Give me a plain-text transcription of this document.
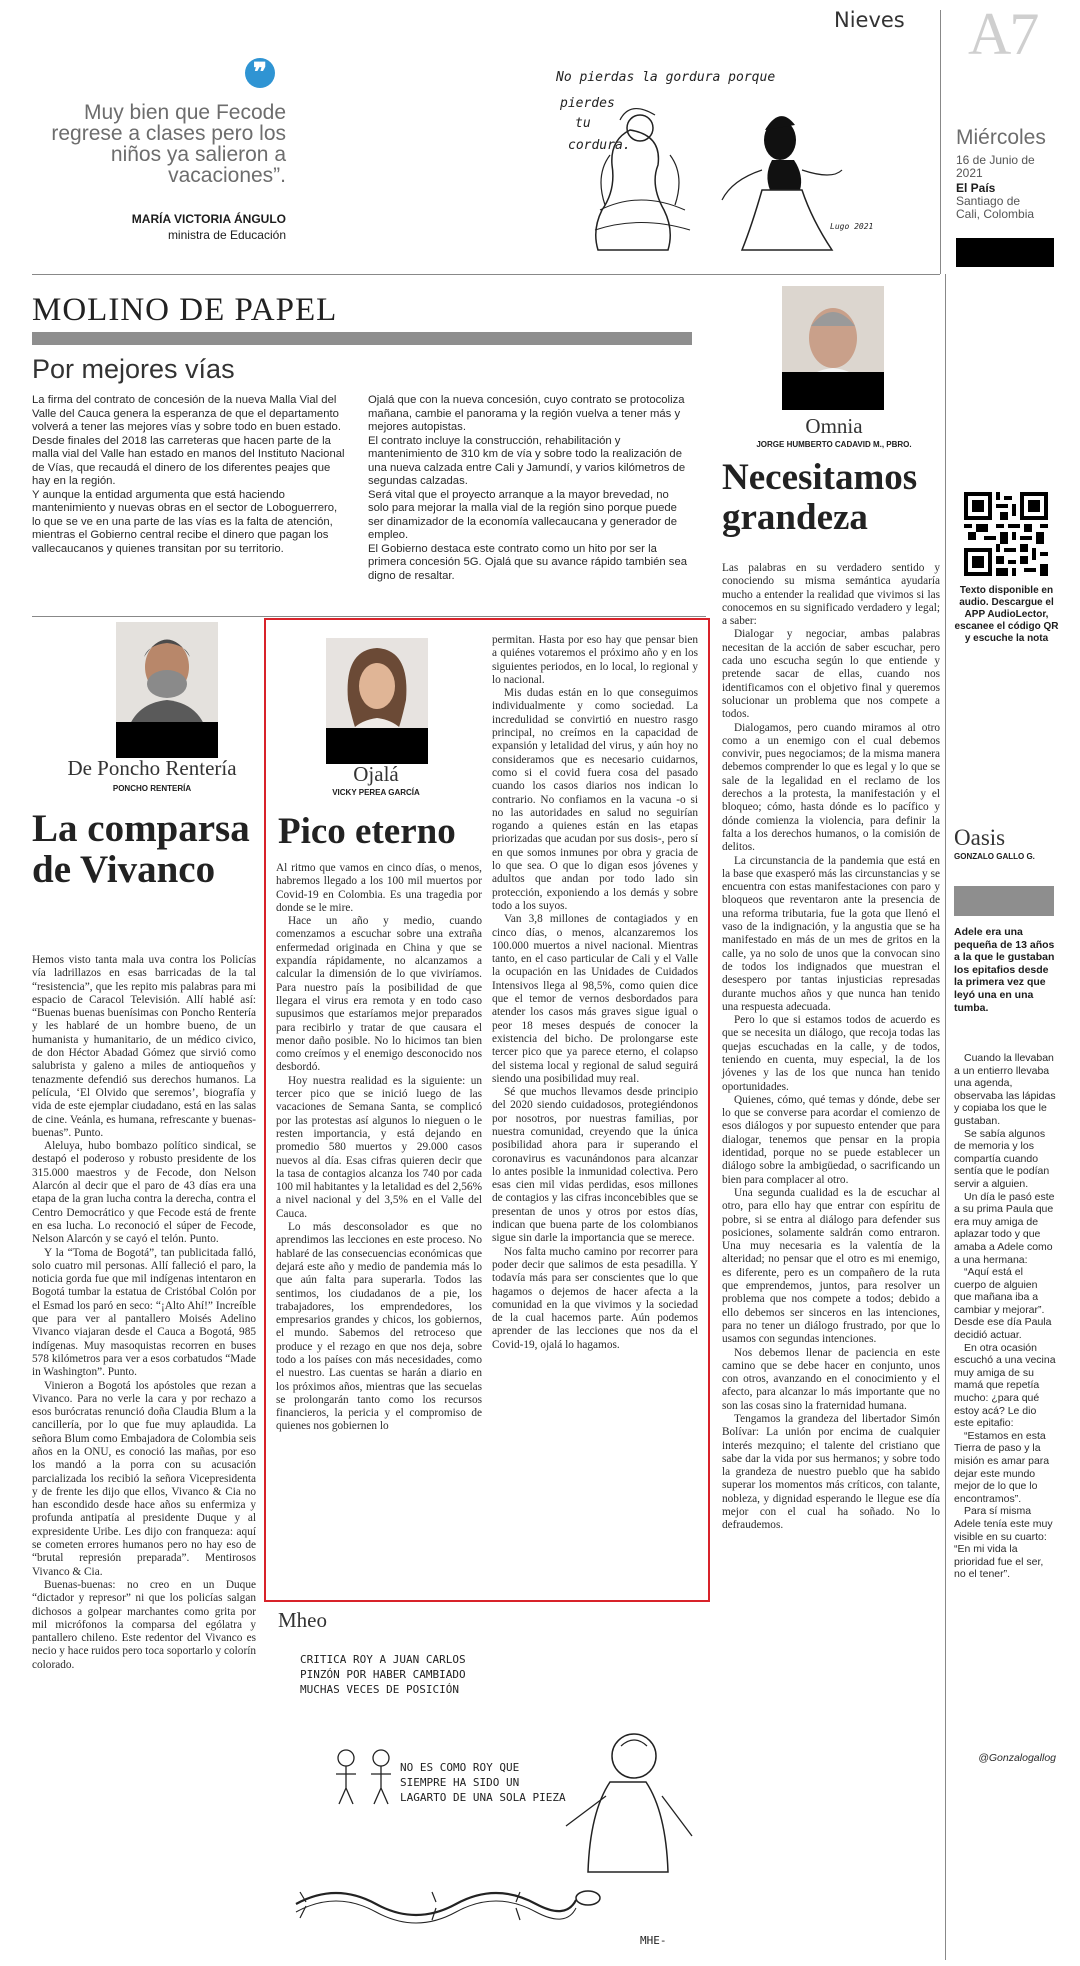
Nieves A7
Miércoles
16 de Junio de 2021
El País
Santiago de Cali, Colombia
❞
Muy bien que Fecode regrese a clases pero los niños ya salieron a vacaciones”.
MARÍA VICTORIA ÁNGULO
ministra de Educación
No pierdas la gordura porque
pierdes
tu
cordura.
Lugo 2021
MOLINO DE PAPEL
Por mejores vías
La firma del contrato de concesión de la nueva Malla Vial del Valle del Cauca genera la esperanza de que el departamento volverá a tener las mejores vías y sobre todo en buen estado.
Desde finales del 2018 las carreteras que hacen parte de la malla vial del Valle han estado en manos del Instituto Nacional de Vías, que recaudá el dinero de los diferentes peajes que hay en la región.
Y aunque la entidad argumenta que está haciendo mantenimiento y nuevas obras en el sector de Loboguerrero, lo que se ve en una parte de las vías es la falta de atención, mientras el Gobierno central recibe el dinero que pagan los vallecaucanos y quienes transitan por su territorio.
Ojalá que con la nueva concesión, cuyo contrato se protocoliza mañana, cambie el panorama y la región vuelva a tener más y mejores autopistas.
El contrato incluye la construcción, rehabilitación y mantenimiento de 310 km de vía y sobre todo la realización de una nueva calzada entre Cali y Jamundí, y varios kilómetros de segundas calzadas.
Será vital que el proyecto arranque a la mayor brevedad, no solo para mejorar la malla vial de la región sino porque puede ser dinamizador de la economía vallecaucana y generador de empleo.
El Gobierno destaca este contrato como un hito por ser la primera concesión 5G. Ojalá que su avance rápido también sea digno de resaltar.
Omnia
JORGE HUMBERTO CADAVID M., PBRO.
Necesitamos grandeza

Las palabras en su verdadero sentido y conociendo su misma semántica ayudaría mucho a entender la realidad que vivimos si las conocemos en su significado verdadero y legal; a saber:

Dialogar y negociar, ambas palabras necesitan de la acción de saber escuchar, pero cada uno escucha según lo que entiende y pretende sacar de ellas, cuando nos identificamos con el objetivo final y queremos solucionar un problema que nos compete a todos.

Dialogamos, pero cuando miramos al otro como a un enemigo con el cual debemos convivir, pues negociamos; de la misma manera debemos comprender lo que es legal y lo que se sale de la legalidad en el reclamo de los derechos a la protesta, la manifestación y el bloqueo; cómo, hasta dónde es lo pacífico y dónde comienza la violencia, para definir la falta a los derechos humanos, o la comisión de delitos.

La circunstancia de la pandemia que está en la base que exasperó más las circunstancias y se encuentra con estas manifestaciones con paro y bloqueos que reventaron ante la presencia de una reforma tributaria, fue la gota que llenó el vaso de la indignación, y la angustia que se ha manifestado en más de un mes de gritos en la calle, ya no solo de unos que la convocan sino de todos los indignados que muestran el desespero por tantas injusticias represadas durante muchos años y que nunca han tenido una respuesta adecuada.

Pero lo que si estamos todos de acuerdo es que se necesita un diálogo, que recoja todas las quejas escuchadas en la calle, y de todos, teniendo en cuenta, muy especial, la de los jóvenes y las de los que nunca han tenido oportunidades.

Quienes, cómo, qué temas y dónde, debe ser lo que se converse para acordar el comienzo de esos diálogos y por supuesto entender que para dialogar, tenemos que pensar en la propia identidad, porque no se puede establecer un diálogo sobre la ambigüedad, o sacrificando un bien para complacer al otro.

Una segunda cualidad es la de escuchar al otro, para ello hay que entrar con espíritu de pobre, si se entra al diálogo para defender sus posiciones, solamente saldrán como entraron. Una muy necesaria es la valentía de la alteridad; no pensar que el otro es mi enemigo, es diferente, pero es un compañero de la ruta que emprendemos, juntos, para resolver un problema que nos compete a todos; debido a ello debemos ser sinceros en las intenciones, para no tener un diálogo frustrado, por que lo usamos con segundas intenciones.

Nos debemos llenar de paciencia en este camino que se debe hacer en conjunto, unos con otros, avanzando en el conocimiento y el afecto, para alcanzar lo más importante que no son las cosas sino la fraternidad humana.

Tengamos la grandeza del libertador Simón Bolívar: La unión por encima de cualquier interés mezquino; el talente del cristiano que sabe dar la vida por sus hermanos; y sobre todo la grandeza de nuestro pueblo que ha sabido superar los momentos más críticos, con talante, nobleza, y dignidad esperando le llegue ese día mejor con el cual ha soñado. No lo defraudemos.

Texto disponible en audio. Descargue el APP AudioLector, escanee el código QR y escuche la nota
Oasis
GONZALO GALLO G.
Adele era una pequeña de 13 años a la que le gustaban los epitafios desde la primera vez que leyó una en una tumba.

Cuando la llevaban a un entierro llevaba una agenda, observaba las lápidas y copiaba los que le gustaban.

Se sabía algunos de memoria y los compartía cuando sentía que le podían servir a alguien.

Un día le pasó este a su prima Paula que era muy amiga de aplazar todo y que amaba a Adele como a una hermana:

“Aquí está el cuerpo de alguien que mañana iba a cambiar y mejorar”. Desde ese día Paula decidió actuar.

En otra ocasión escuchó a una vecina muy amiga de su mamá que repetía mucho: ¿para qué estoy acá? Le dio este epitafio:

“Estamos en esta Tierra de paso y la misión es amar para dejar este mundo mejor de lo que lo encontramos”.

Para sí misma Adele tenía este muy visible en su cuarto: “En mi vida la prioridad fue el ser, no el tener”.

@Gonzalogallog
De Poncho Rentería
PONCHO RENTERÍA
La comparsa de Vivanco

Hemos visto tanta mala uva contra los Policías vía ladrillazos en esas barricadas de la tal “resistencia”, que les repito mis palabras para mi espacio de Caracol Televisión. Allí hablé así: “Buenas buenas buenísimas con Poncho Rentería y les hablaré de un hombre bueno, de un humanista y humanitario, de un médico civico, de don Héctor Abadad Gómez que sirvió como salubrista y galeno a miles de antioqueños y tenazmente defendió sus derechos humanos. La película, ‘El Olvido que seremos’, biografía y vida de este ejemplar ciudadano, está en las salas de cine. Veánla, es humana, refrescante y buenas-buenas”. Punto.

Aleluya, hubo bombazo político sindical, se destapó el poderoso y robusto presidente de los 315.000 maestros y de Fecode, don Nelson Alarcón al decir que el paro de 43 días era una etapa de la gran lucha contra la derecha, contra el Centro Democrático y que Fecode está de frente en esa lucha. Lo reconoció el súper de Fecode, Nelson Alarcón y se cayó el telón. Punto.

Y la “Toma de Bogotá”, tan publicitada falló, solo cuatro mil personas. Allí falleció el paro, la noticia gorda fue que mil indígenas intentaron en Bogotá tumbar la estatua de Cristóbal Colón por el Esmad los paró en seco: “¡Alto Ahí!” Increíble que para ver al pantallero Moisés Adelino Vivanco viajaran desde el Cauca a Bogotá, 985 indígenas. Muy masoquistas recorren en buses 578 kilómetros para ver a esos corbatudos “Made in Washington”. Punto.

Vinieron a Bogotá los apóstoles que rezan a Vivanco. Para no verle la cara y por rechazo a esos burócratas renunció doña Claudia Blum a la cancillería, por lo que fue muy aplaudida. La señora Blum como Embajadora de Colombia seis años en la ONU, es conoció las mañas, por eso los mandó a la porra con su acusación parcializada los recibió la señora Vicepresidenta y de frente les dijo que ellos, Vivanco & Cia no han escondido desde hace años su enfermiza y profunda antipatía al presidente Duque y al expresidente Uribe. Les dijo con franqueza: aquí se cometen errores humanos pero no hay eso de “brutal represión preparada”. Mentirosos Vivanco & Cia.

Buenas-buenas: no creo en un Duque “dictador y represor” ni que los policías salgan dichosos a golpear marchantes como grita por mil micrófonos la comparsa del ególatra y pantallero chileno. Este redentor del Vivanco es necio y hace ruidos pero toca soportarlo y colorín colorado.

Ojalá
VICKY PEREA GARCÍA
Pico eterno

Al ritmo que vamos en cinco días, o menos, habremos llegado a los 100 mil muertos por Covid-19 en Colombia. Es una tragedia por donde se le mire.

Hace un año y medio, cuando comenzamos a escuchar sobre una extraña enfermedad originada en China y que se expandía rápidamente, no alcanzamos a calcular la dimensión de lo que viviríamos. Para nuestro país la posibilidad de que llegara el virus era remota y en todo caso supusimos que estaríamos mejor preparados para recibirlo y tratar de que causara el menor daño posible. No lo hicimos tan bien como creímos y el enemigo desconocido nos desbordó.

Hoy nuestra realidad es la siguiente: un tercer pico que se inició luego de las vacaciones de Semana Santa, se complicó por las protestas así algunos lo nieguen o le resten importancia, y está dejando en promedio 580 muertos y 29.000 casos nuevos al día. Esas cifras quieren decir que la tasa de contagios alcanza los 740 por cada 100 mil habitantes y la letalidad es del 2,56% a nivel nacional y del 3,5% en el Valle del Cauca.

Lo más desconsolador es que no aprendimos las lecciones en este proceso. No hablaré de las consecuencias económicas que dejará este año y medio de pandemia más lo que aún falta para superarla. Todos las sentimos, los ciudadanos de a pie, los trabajadores, los emprendedores, los empresarios grandes y chicos, los gobiernos, el mundo. Sabemos del retroceso que produce y el rezago en que nos deja, sobre todo a los países con más necesidades, como el nuestro. Las cuentas se harán a diario en los próximos años, mientras que las secuelas se prolongarán tanto como los recursos financieros, la pericia y el compromiso de quienes nos gobiernen lo

permitan. Hasta por eso hay que pensar bien a quiénes votaremos el próximo año y en los siguientes periodos, en lo local, lo regional y lo nacional.

Mis dudas están en lo que conseguimos individualmente y como sociedad. La incredulidad se convirtió en nuestro rasgo principal, no creímos en la capacidad de expansión y letalidad del virus, y aún hoy no consideramos que es necesario cuidarnos, como si el covid fuera cosa del pasado cuando los casos diarios nos indican lo contrario. No confiamos en la vacuna -o si no las autoridades en salud no seguirían rogando a quienes están en las etapas priorizadas que acudan por sus dosis-, pero sí en que somos inmunes por obra y gracia de lo que sea. O que lo digan esos jóvenes y adultos que andan por todo lado sin protección, exponiendo a los demás y sobre todo a los suyos.

Van 3,8 millones de contagiados y en cinco días, o menos, alcanzaremos los 100.000 muertos a nivel nacional. Mientras tanto, en el caso particular de Cali y el Valle la ocupación en las Unidades de Cuidados Intensivos llega al 98,5%, como quien dice que el temor de vernos desbordados para atender los casos más graves sigue igual o peor 18 meses después de conocer la existencia del bicho. De prolongarse este tercer pico que ya parece eterno, el colapso del sistema local y regional de salud seguirá siendo una posibilidad muy real.

Sé que muchos llevamos desde principio del 2020 siendo cuidadosos, protegiéndonos por nosotros, por nuestras familias, por nuestra comunidad, creyendo que la única posibilidad ahora para ir superando el coronavirus es vacunándonos para alcanzar lo antes posible la inmunidad colectiva. Pero esas cien mil vidas perdidas, esos millones de contagios y las cifras inconcebibles que se presentan de unos y otros por estos días, indican que buena parte de los colombianos sigue sin darle la importancia que se merece.

Nos falta mucho camino por recorrer para poder decir que salimos de esta pesadilla. Y todavía más para ser conscientes que lo que hagamos o dejemos de hacer afecta a la comunidad en la que vivimos y la sociedad de la cual hacemos parte. Aún podemos aprender de las lecciones que nos da el Covid-19, ojalá lo hagamos.

Mheo
CRITICA ROY A JUAN CARLOS PINZÓN POR HABER CAMBIADO MUCHAS VECES DE POSICIÓN
NO ES COMO ROY QUE SIEMPRE HA SIDO UN LAGARTO DE UNA SOLA PIEZA
MHE-
